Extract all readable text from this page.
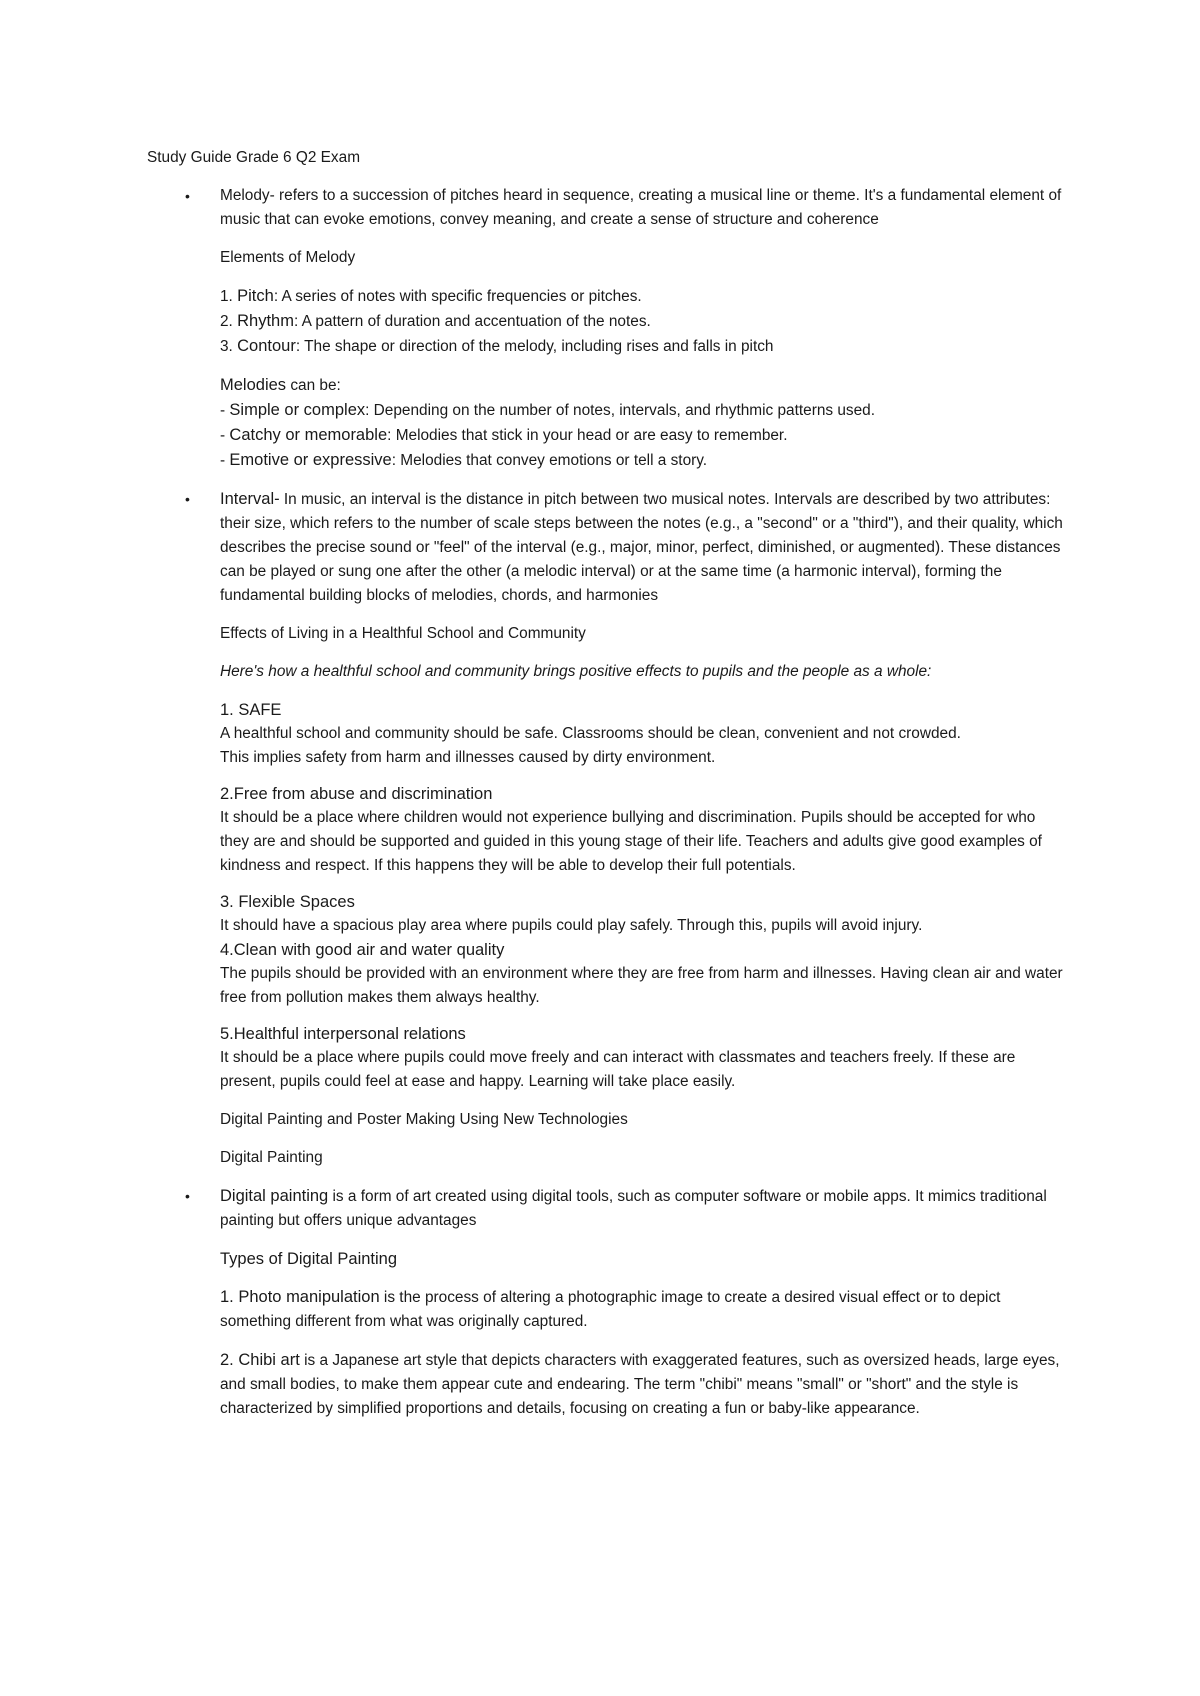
Study Guide Grade 6 Q2 Exam

• Melody- refers to a succession of pitches heard in sequence, creating a musical line or theme. It's a fundamental element of music that can evoke emotions, convey meaning, and create a sense of structure and coherence

Elements of Melody

1. Pitch: A series of notes with specific frequencies or pitches.

2. Rhythm: A pattern of duration and accentuation of the notes.

3. Contour: The shape or direction of the melody, including rises and falls in pitch

Melodies can be:

- Simple or complex: Depending on the number of notes, intervals, and rhythmic patterns used.

- Catchy or memorable: Melodies that stick in your head or are easy to remember.

- Emotive or expressive: Melodies that convey emotions or tell a story.

• Interval- In music, an interval is the distance in pitch between two musical notes. Intervals are described by two attributes: their size, which refers to the number of scale steps between the notes (e.g., a "second" or a "third"), and their quality, which describes the precise sound or "feel" of the interval (e.g., major, minor, perfect, diminished, or augmented). These distances can be played or sung one after the other (a melodic interval) or at the same time (a harmonic interval), forming the fundamental building blocks of melodies, chords, and harmonies

Effects of Living in a Healthful School and Community

Here's how a healthful school and community brings positive effects to pupils and the people as a whole:

1. SAFE

A healthful school and community should be safe. Classrooms should be clean, convenient and not crowded.

This implies safety from harm and illnesses caused by dirty environment.

2.Free from abuse and discrimination

It should be a place where children would not experience bullying and discrimination. Pupils should be accepted for who they are and should be supported and guided in this young stage of their life. Teachers and adults give good examples of kindness and respect. If this happens they will be able to develop their full potentials.

3. Flexible Spaces

It should have a spacious play area where pupils could play safely. Through this, pupils will avoid injury.

4.Clean with good air and water quality

The pupils should be provided with an environment where they are free from harm and illnesses. Having clean air and water free from pollution makes them always healthy.

5.Healthful interpersonal relations

It should be a place where pupils could move freely and can interact with classmates and teachers freely. If these are present, pupils could feel at ease and happy. Learning will take place easily.

Digital Painting and Poster Making Using New Technologies

Digital Painting

• Digital painting is a form of art created using digital tools, such as computer software or mobile apps. It mimics traditional painting but offers unique advantages

Types of Digital Painting

1. Photo manipulation is the process of altering a photographic image to create a desired visual effect or to depict something different from what was originally captured.

2. Chibi art is a Japanese art style that depicts characters with exaggerated features, such as oversized heads, large eyes, and small bodies, to make them appear cute and endearing. The term "chibi" means "small" or "short" and the style is characterized by simplified proportions and details, focusing on creating a fun or baby-like appearance.
